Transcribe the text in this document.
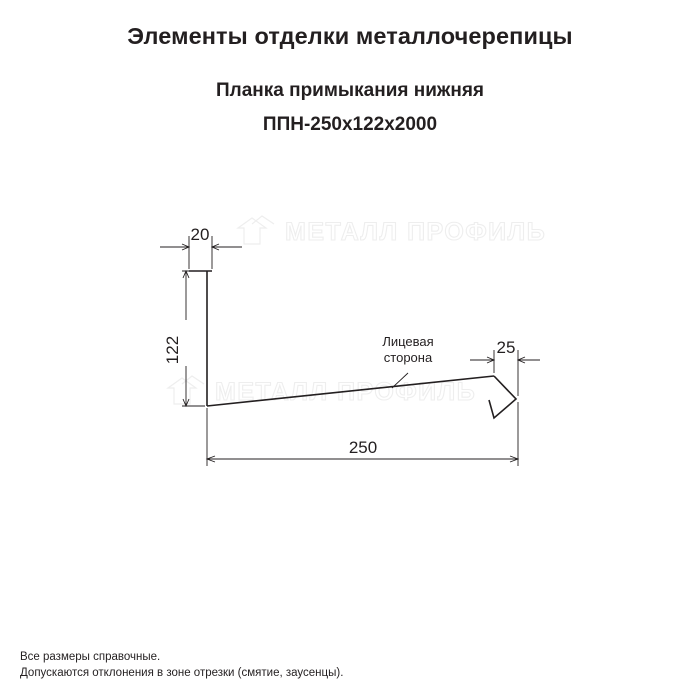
Элементы отделки металлочерепицы
Планка примыкания нижняя
ППН-250х122х2000
МЕТАЛЛ ПРОФИЛЬ
МЕТАЛЛ ПРОФИЛЬ
20
122	25
250
Лицевая
сторона
Все размеры справочные.
Допускаются отклонения в зоне отрезки (смятие, заусенцы).
